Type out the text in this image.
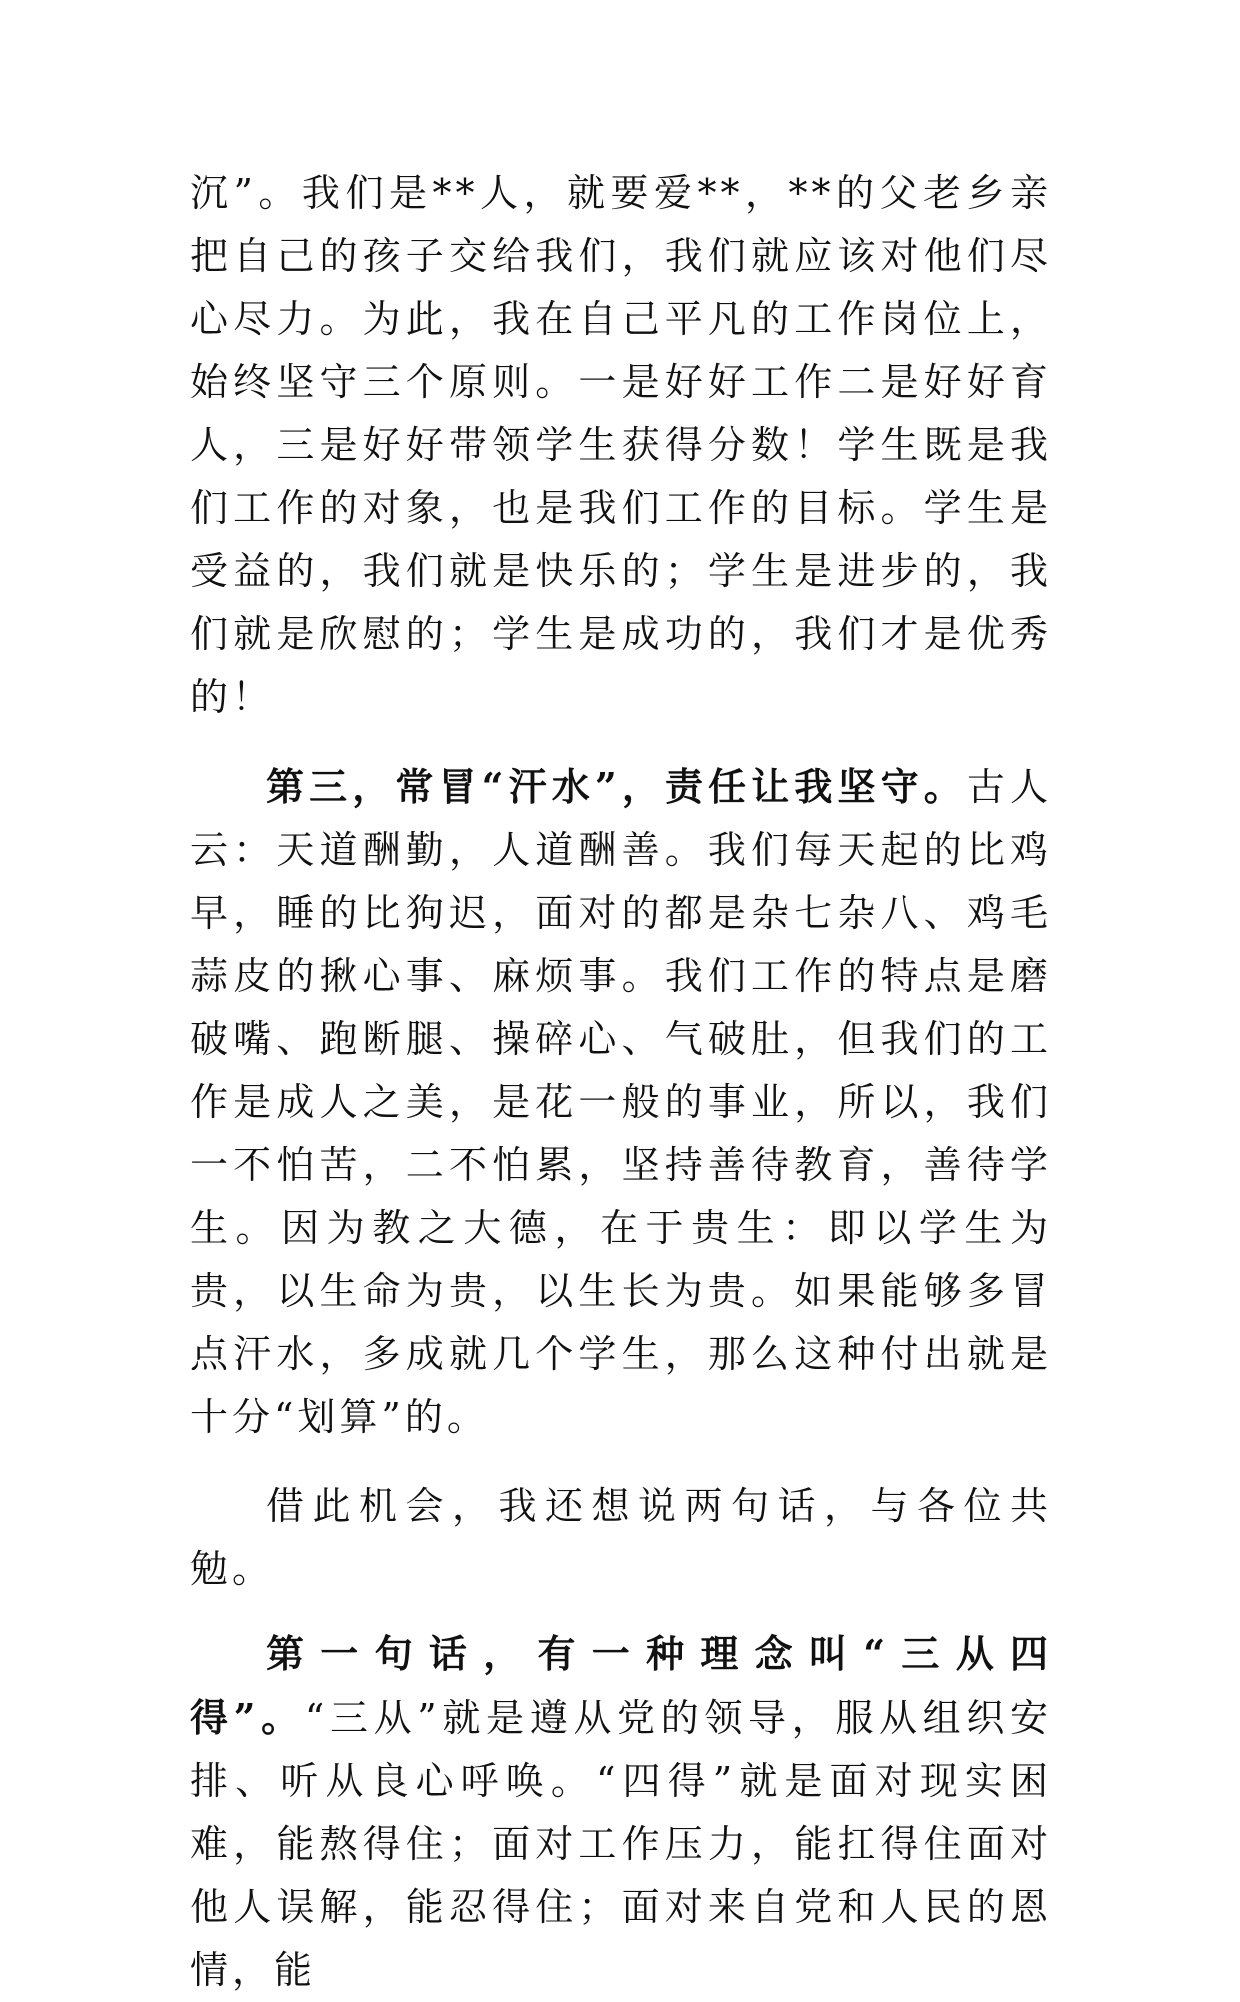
沉”。我们是**人，就要爱**，**的父老乡亲把自己的孩子交给我们，我们就应该对他们尽心尽力。为此，我在自己平凡的工作岗位上，始终坚守三个原则。一是好好工作二是好好育人，三是好好带领学生获得分数！学生既是我们工作的对象，也是我们工作的目标。学生是受益的，我们就是快乐的；学生是进步的，我们就是欣慰的；学生是成功的，我们才是优秀的！

第三，常冒“汗水”，责任让我坚守。古人云：天道酬勤，人道酬善。我们每天起的比鸡早，睡的比狗迟，面对的都是杂七杂八、鸡毛蒜皮的揪心事、麻烦事。我们工作的特点是磨破嘴、跑断腿、操碎心、气破肚，但我们的工作是成人之美，是花一般的事业，所以，我们一不怕苦，二不怕累，坚持善待教育，善待学生。因为教之大德，在于贵生：即以学生为贵，以生命为贵，以生长为贵。如果能够多冒点汗水，多成就几个学生，那么这种付出就是十分“划算”的。

借此机会，我还想说两句话，与各位共勉。

第一句话，有一种理念叫“三从四得”。“三从”就是遵从党的领导，服从组织安排、听从良心呼唤。“四得”就是面对现实困难，能熬得住；面对工作压力，能扛得住面对他人误解，能忍得住；面对来自党和人民的恩情，能
